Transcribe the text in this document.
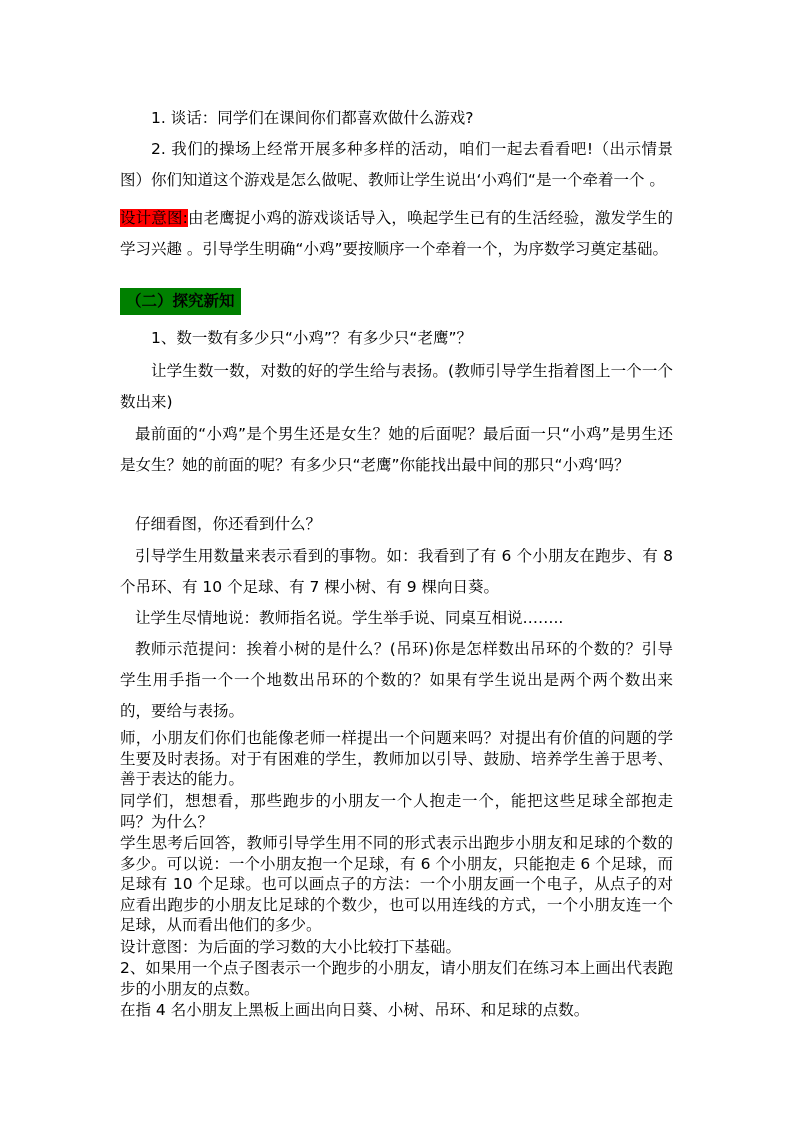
1. 谈话：同学们在课间你们都喜欢做什么游戏?

2. 我们的操场上经常开展多种多样的活动，咱们一起去看看吧!（出示情景图）你们知道这个游戏是怎么做呢、教师让学生说出‘小鸡们“是一个牵着一个 。

设计意图:由老鹰捉小鸡的游戏谈话导入，唤起学生已有的生活经验，激发学生的学习兴趣 。引导学生明确“小鸡”要按顺序一个牵着一个，为序数学习奠定基础。

（二）探究新知

1、数一数有多少只“小鸡”？有多少只“老鹰”？

让学生数一数，对数的好的学生给与表扬。(教师引导学生指着图上一个一个数出来)

最前面的“小鸡”是个男生还是女生？她的后面呢？最后面一只“小鸡”是男生还是女生？她的前面的呢？有多少只“老鹰”你能找出最中间的那只“小鸡‘吗？

仔细看图，你还看到什么？

引导学生用数量来表示看到的事物。如：我看到了有 6 个小朋友在跑步、有 8 个吊环、有 10 个足球、有 7 棵小树、有 9 棵向日葵。

让学生尽情地说：教师指名说。学生举手说、同桌互相说……..

教师示范提问：挨着小树的是什么？(吊环)你是怎样数出吊环的个数的？引导学生用手指一个一个地数出吊环的个数的？如果有学生说出是两个两个数出来的，要给与表扬。

师，小朋友们你们也能像老师一样提出一个问题来吗？对提出有价值的问题的学生要及时表扬。对于有困难的学生，教师加以引导、鼓励、培养学生善于思考、善于表达的能力。

同学们，想想看，那些跑步的小朋友一个人抱走一个，能把这些足球全部抱走吗？为什么？

学生思考后回答，教师引导学生用不同的形式表示出跑步小朋友和足球的个数的多少。可以说：一个小朋友抱一个足球，有 6 个小朋友，只能抱走 6 个足球，而足球有 10 个足球。也可以画点子的方法：一个小朋友画一个电子，从点子的对应看出跑步的小朋友比足球的个数少，也可以用连线的方式，一个小朋友连一个足球，从而看出他们的多少。

设计意图：为后面的学习数的大小比较打下基础。

2、如果用一个点子图表示一个跑步的小朋友，请小朋友们在练习本上画出代表跑步的小朋友的点数。

在指 4 名小朋友上黑板上画出向日葵、小树、吊环、和足球的点数。
